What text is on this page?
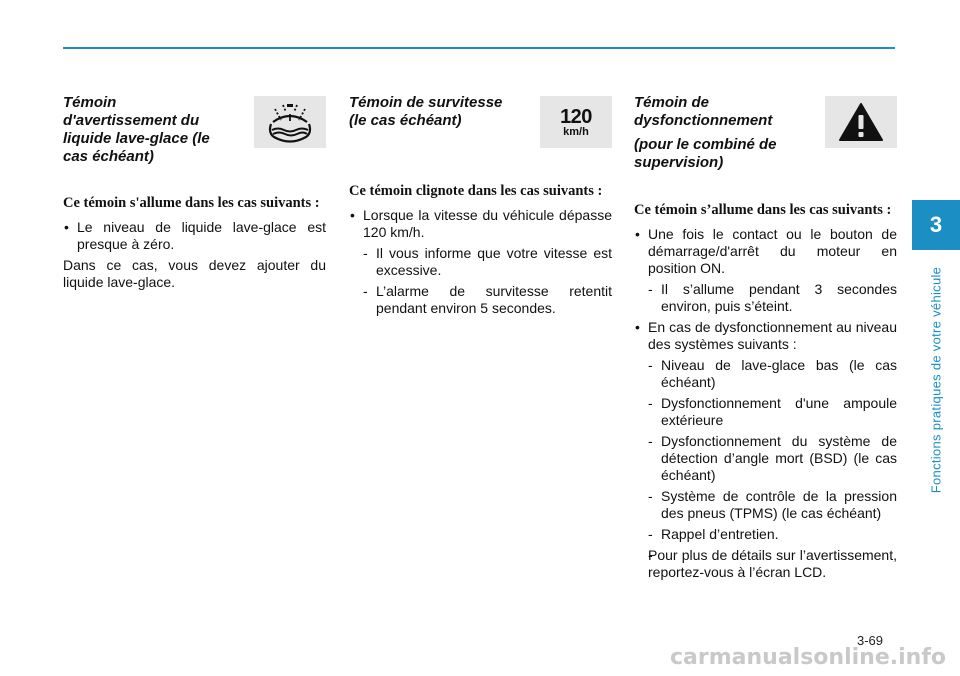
3
Fonctions pratiques de votre véhicule
Témoin d'avertissement du liquide lave-glace (le cas échéant)

Ce témoin s'allume dans les cas suivants :

• Le niveau de liquide lave-glace est presque à zéro.

Dans ce cas, vous devez ajouter du liquide lave-glace.

Témoin de survitesse (le cas échéant)	120
km/h

Ce témoin clignote dans les cas suivants :

• Lorsque la vitesse du véhicule dépasse 120 km/h.
- Il vous informe que votre vitesse est excessive.
- L’alarme de survitesse retentit pendant environ 5 secondes.
Témoin de dysfonctionnement
(pour le combiné de supervision)

Ce témoin s’allume dans les cas suivants :

• Une fois le contact ou le bouton de démarrage/d'arrêt du moteur en position ON.
- Il s’allume pendant 3 secondes environ, puis s’éteint.
• En cas de dysfonctionnement au niveau des systèmes suivants :
- Niveau de lave-glace bas (le cas échéant)
- Dysfonctionnement d'une ampoule extérieure
- Dysfonctionnement du système de détection d’angle mort (BSD) (le cas échéant)
- Système de contrôle de la pression des pneus (TPMS) (le cas échéant)
- Rappel d’entretien.
- Pour plus de détails sur l’avertissement, reportez-vous à l’écran LCD.
3-69
carmanualsonline.info
